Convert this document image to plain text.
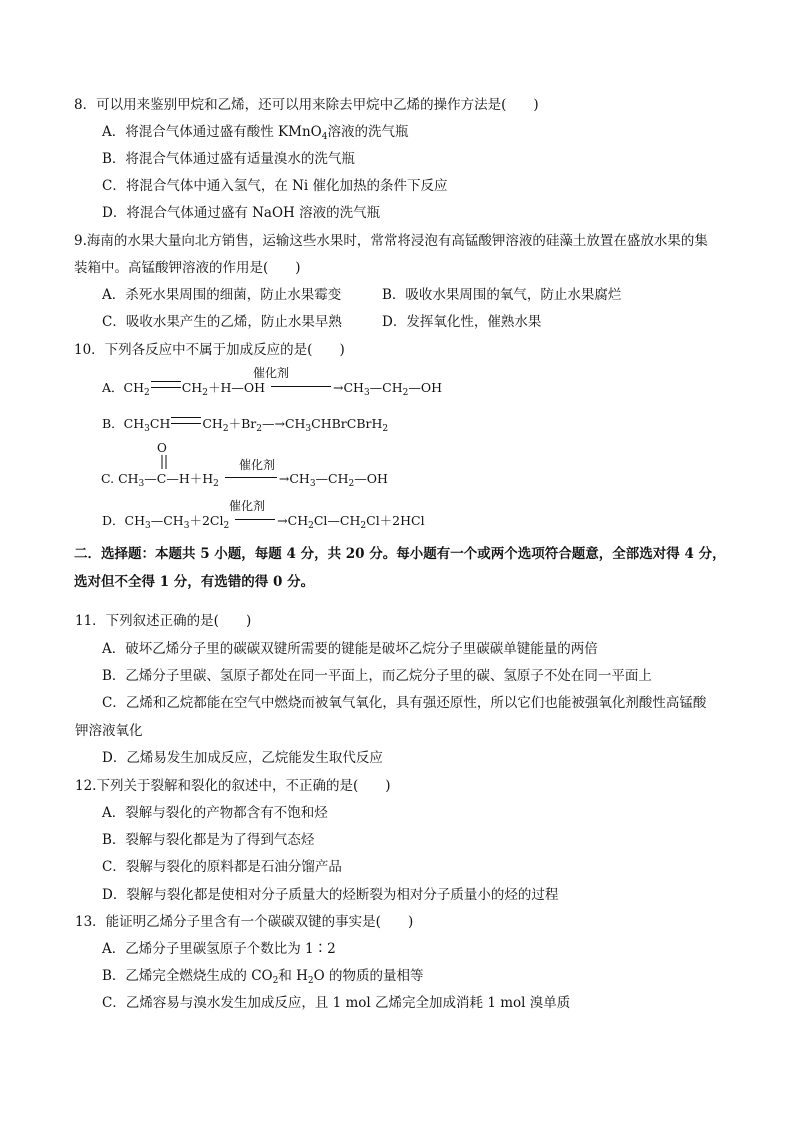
8．可以用来鉴别甲烷和乙烯，还可以用来除去甲烷中乙烯的操作方法是(　　)
A．将混合气体通过盛有酸性 KMnO$_4$溶液的洗气瓶
B．将混合气体通过盛有适量溴水的洗气瓶
C．将混合气体中通入氢气，在 Ni 催化加热的条件下反应
D．将混合气体通过盛有 NaOH 溶液的洗气瓶
9.海南的水果大量向北方销售，运输这些水果时，常常将浸泡有高锰酸钾溶液的硅藻土放置在盛放水果的集
装箱中。高锰酸钾溶液的作用是(　　)
A．杀死水果周围的细菌，防止水果霉变	B．吸收水果周围的氧气，防止水果腐烂
C．吸收水果产生的乙烯，防止水果早熟	D．发挥氧化性，催熟水果
10．下列各反应中不属于加成反应的是(　　)
A．$CH_2$	$CH_2+H—OH$	$\to CH_3—CH_2—OH$
催化剂
B．$CH_3CH$	$CH_2+Br_2—\to CH_3CHBrCBrH_2$
O
C. $CH_3—C—H+H_2$	$\to CH_3—CH_2—OH$
催化剂
D．$CH_3—CH_3+2Cl_2$	$\to CH_2Cl—CH_2Cl+2HCl$
催化剂
二．选择题：本题共 5 小题，每题 4 分，共 20 分。每小题有一个或两个选项符合题意，全部选对得 4 分，
选对但不全得 1 分，有选错的得 0 分。
11．下列叙述正确的是(　　)
A．破坏乙烯分子里的碳碳双键所需要的键能是破坏乙烷分子里碳碳单键能量的两倍
B．乙烯分子里碳、氢原子都处在同一平面上，而乙烷分子里的碳、氢原子不处在同一平面上
C．乙烯和乙烷都能在空气中燃烧而被氧气氧化，具有强还原性，所以它们也能被强氧化剂酸性高锰酸
钾溶液氧化
D．乙烯易发生加成反应，乙烷能发生取代反应
12.下列关于裂解和裂化的叙述中，不正确的是(　　)
A．裂解与裂化的产物都含有不饱和烃
B．裂解与裂化都是为了得到气态烃
C．裂解与裂化的原料都是石油分馏产品
D．裂解与裂化都是使相对分子质量大的烃断裂为相对分子质量小的烃的过程
13．能证明乙烯分子里含有一个碳碳双键的事实是(　　)
A．乙烯分子里碳氢原子个数比为 1∶2
B．乙烯完全燃烧生成的 $CO_2$和 $H_2O$ 的物质的量相等
C．乙烯容易与溴水发生加成反应，且 1 mol 乙烯完全加成消耗 1 mol 溴单质
